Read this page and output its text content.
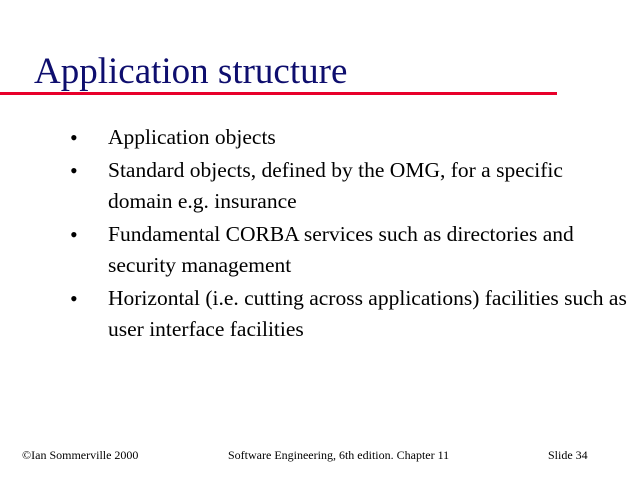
Application structure
• Application objects
• Standard objects, defined by the OMG, for a specific domain e.g. insurance
• Fundamental CORBA services such as directories and security management
• Horizontal (i.e. cutting across applications) facilities such as user interface facilities
©Ian Sommerville 2000	Software Engineering, 6th edition. Chapter 11	Slide 34
